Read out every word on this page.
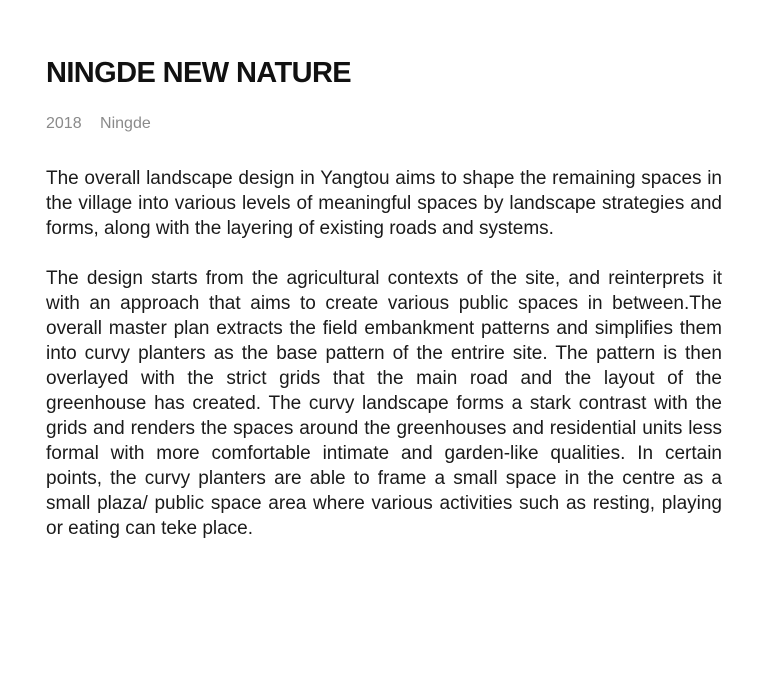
NINGDE NEW NATURE
2018 Ningde

The overall landscape design in Yangtou aims to shape the remaining spaces in the village into various levels of meaningful spaces by landscape strategies and forms, along with the layering of existing roads and systems.

The design starts from the agricultural contexts of the site, and reinterprets it with an approach that aims to create various public spaces in between.The overall master plan extracts the field embankment patterns and simplifies them into curvy planters as the base pattern of the entrire site. The pattern is then overlayed with the strict grids that the main road and the layout of the greenhouse has created. The curvy landscape forms a stark contrast with the grids and renders the spaces around the greenhouses and residential units less formal with more comfortable intimate and garden-like qualities. In certain points, the curvy planters are able to frame a small space in the centre as a small plaza/ public space area where various activities such as resting, playing or eating can teke place.
